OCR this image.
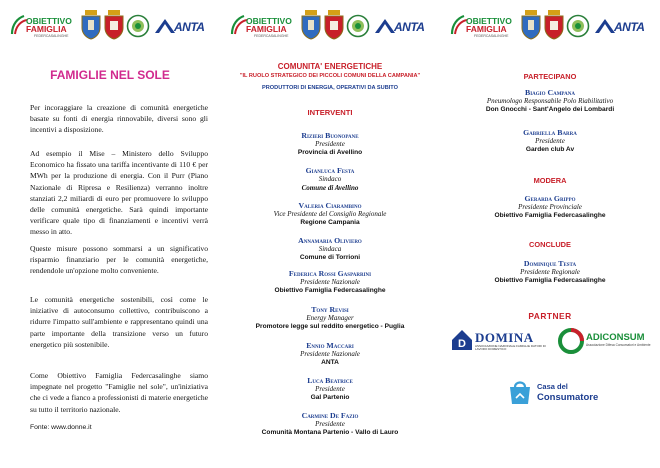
OBIETTIVO
FAMIGLIA
FEDERCASALINGHE
ANTA
FAMIGLIE NEL SOLE

Per incoraggiare la creazione di comunità energetiche basate su fonti di energia rinnovabile, diversi sono gli incentivi a disposizione.

Ad esempio il Mise – Ministero dello Sviluppo Economico ha fissato una tariffa incentivante di 110 € per MWh per la produzione di energia. Con il Purr (Piano Nazionale di Ripresa e Resilienza) verranno inoltre stanziati 2,2 miliardi di euro per promuovere lo sviluppo delle comunità energetiche. Sarà quindi importante verificare quale tipo di finanziamenti e incentivi verrà messo in atto.

Queste misure possono sommarsi a un significativo risparmio finanziario per le comunità energetiche, rendendole un'opzione molto conveniente.

Le comunità energetiche sostenibili, così come le iniziative di autoconsumo collettivo, contribuiscono a ridurre l'impatto sull'ambiente e rappresentano quindi una parte importante della transizione verso un futuro energetico più sostenibile.

Come Obiettivo Famiglia Federcasalinghe siamo impegnate nel progetto "Famiglie nel sole", un'iniziativa che ci vede a fianco a professionisti di materie energetiche su tutto il territorio nazionale.

Fonte: www.donne.it
OBIETTIVO
FAMIGLIA
FEDERCASALINGHE
ANTA
COMUNITA' ENERGETICHE
"IL RUOLO STRATEGICO DEI PICCOLI COMUNI DELLA CAMPANIA"
PRODUTTORI DI ENERGIA, OPERATIVI DA SUBITO
INTERVENTI
Rizieri Buonopane
Presidente
Provincia di Avellino
Gianluca Festa
Sindaco
Comune di Avellino
Valeria Ciarambino
Vice Presidente del Consiglio Regionale
Regione Campania
Annamaria Oliviero
Sindaca
Comune di Torrioni
Federica Rossi Gasparrini
Presidente Nazionale
Obiettivo Famiglia Federcasalinghe
Tony Revisi
Energy Manager
Promotore legge sul reddito energetico - Puglia
Ennio Maccari
Presidente Nazionale
ANTA
Luca Beatrice
Presidente
Gal Partenio
Carmine De Fazio
Presidente
Comunità Montana Partenio - Vallo di Lauro
OBIETTIVO
FAMIGLIA
FEDERCASALINGHE
ANTA
PARTECIPANO
Biagio Campana
Pneumologo Responsabile Polo Riabilitativo
Don Gnocchi - Sant'Angelo dei Lombardi
Gabriella Barra
Presidente
Garden club Av
MODERA
Gerarda Grippo
Presidente Provinciale
Obiettivo Famiglia Federcasalinghe
CONCLUDE
Dominique Testa
Presidente Regionale
Obiettivo Famiglia Federcasalinghe
PARTNER
D DOMINA
ASSOCIAZIONE NAZIONALE FAMIGLIE DATORI DI LAVORO DOMESTICO
ADICONSUM
Associazione Difesa Consumatori e Ambiente
Casa del
Consumatore
